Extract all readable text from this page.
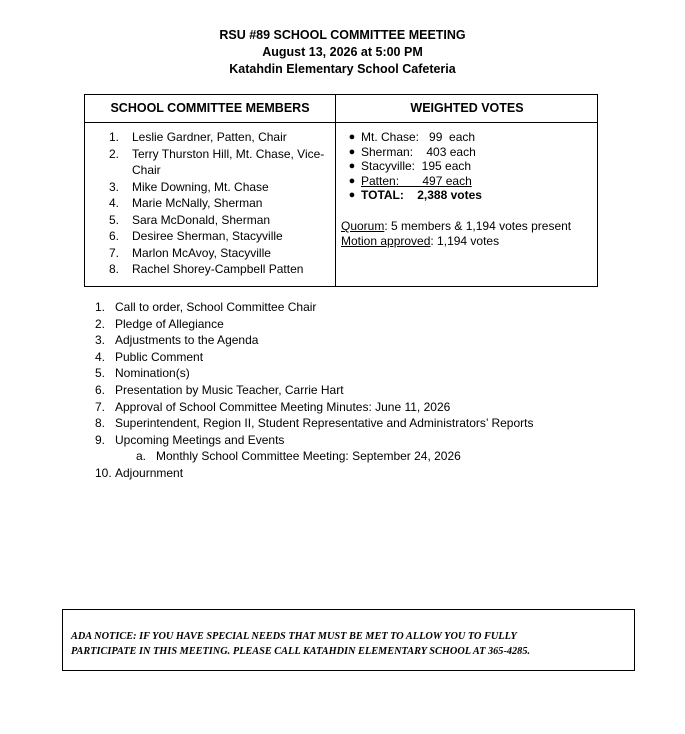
RSU #89 SCHOOL COMMITTEE MEETING
August 13, 2026 at 5:00 PM
Katahdin Elementary School Cafeteria
SCHOOL COMMITTEE MEMBERS	WEIGHTED VOTES
1.	Leslie Gardner, Patten, Chair
2.	Terry Thurston Hill, Mt. Chase, Vice-Chair
3.	Mike Downing, Mt. Chase
4.	Marie McNally, Sherman
5.	Sara McDonald, Sherman
6.	Desiree Sherman, Stacyville
7.	Marlon McAvoy, Stacyville
8.	Rachel Shorey-Campbell Patten
● Mt. Chase:   99  each
● Sherman:    403 each
● Stacyville:  195 each
● Patten:       497 each
● TOTAL:    2,388 votes
Quorum: 5 members & 1,194 votes present
Motion approved: 1,194 votes
1. Call to order, School Committee Chair
2. Pledge of Allegiance
3. Adjustments to the Agenda
4. Public Comment
5. Nomination(s)
6. Presentation by Music Teacher, Carrie Hart
7. Approval of School Committee Meeting Minutes: June 11, 2026
8. Superintendent, Region II, Student Representative and Administrators’ Reports
9. Upcoming Meetings and Events
a. Monthly School Committee Meeting: September 24, 2026
10. Adjournment
ADA NOTICE: IF YOU HAVE SPECIAL NEEDS THAT MUST BE MET TO ALLOW YOU TO FULLY
PARTICIPATE IN THIS MEETING. PLEASE CALL KATAHDIN ELEMENTARY SCHOOL AT 365-4285.
